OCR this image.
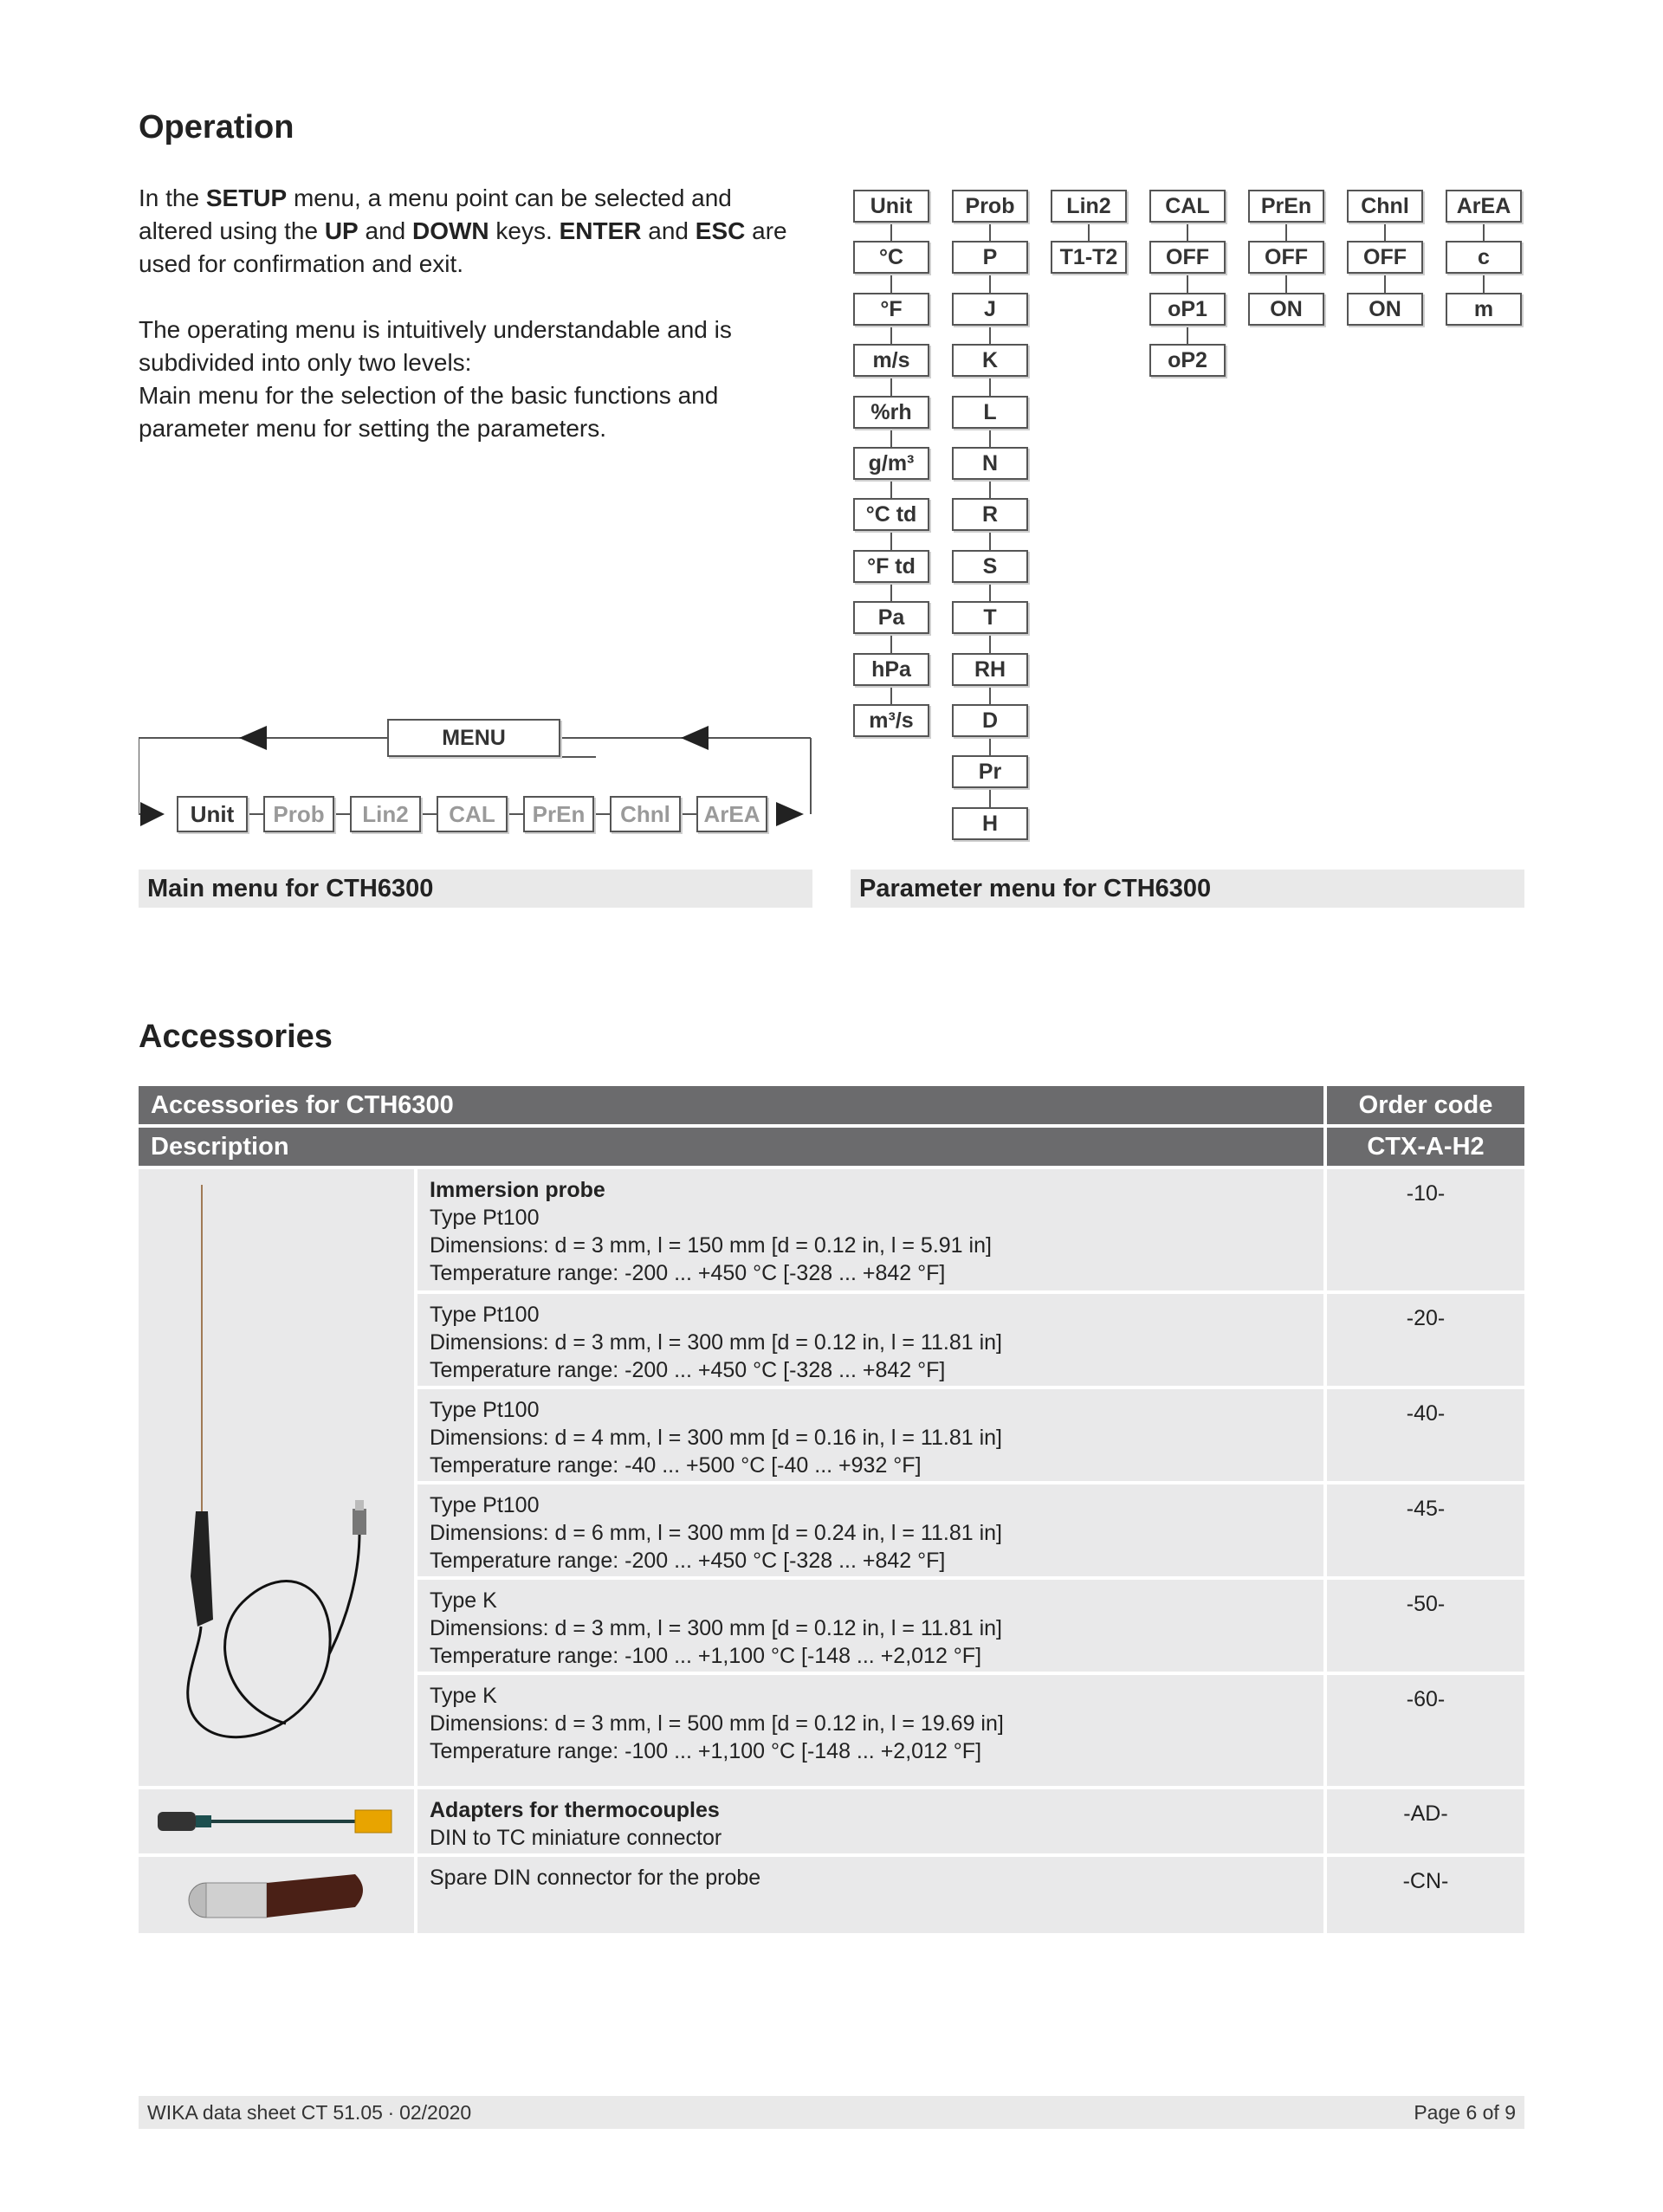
Operation

In the SETUP menu, a menu point can be selected and
altered using the UP and DOWN keys. ENTER and ESC are
used for confirmation and exit.

The operating menu is intuitively understandable and is
subdivided into only two levels:
Main menu for the selection of the basic functions and
parameter menu for setting the parameters.

Unit
°C
°F
m/s
%rh
g/m³
°C td
°F td
Pa
hPa
m³/s
Prob
P
J
K
L
N
R
S
T
RH
D
Pr
H
Lin2
T1-T2
CAL
OFF
oP1
oP2
PrEn
OFF
ON
Chnl
OFF
ON
ArEA
c
m
MENU
Unit	Prob	Lin2	CAL	PrEn	Chnl	ArEA
Main menu for CTH6300	Parameter menu for CTH6300
Accessories
Accessories for CTH6300	Order code
Description	CTX-A-H2
Immersion probe
Type Pt100
Dimensions: d = 3 mm, l = 150 mm [d = 0.12 in, l = 5.91 in]
Temperature range: -200 ... +450 °C [-328 ... +842 °F]
-10-
Type Pt100
Dimensions: d = 3 mm, l = 300 mm [d = 0.12 in, l = 11.81 in]
Temperature range: -200 ... +450 °C [-328 ... +842 °F]
-20-
Type Pt100
Dimensions: d = 4 mm, l = 300 mm [d = 0.16 in, l = 11.81 in]
Temperature range: -40 ... +500 °C [-40 ... +932 °F]
-40-
Type Pt100
Dimensions: d = 6 mm, l = 300 mm [d = 0.24 in, l = 11.81 in]
Temperature range: -200 ... +450 °C [-328 ... +842 °F]
-45-
Type K
Dimensions: d = 3 mm, l = 300 mm [d = 0.12 in, l = 11.81 in]
Temperature range: -100 ... +1,100 °C [-148 ... +2,012 °F]
-50-
Type K
Dimensions: d = 3 mm, l = 500 mm [d = 0.12 in, l = 19.69 in]
Temperature range: -100 ... +1,100 °C [-148 ... +2,012 °F]
-60-
Adapters for thermocouples
DIN to TC miniature connector
-AD-
Spare DIN connector for the probe	-CN-
WIKA data sheet CT 51.05 ∙ 02/2020	Page 6 of 9
